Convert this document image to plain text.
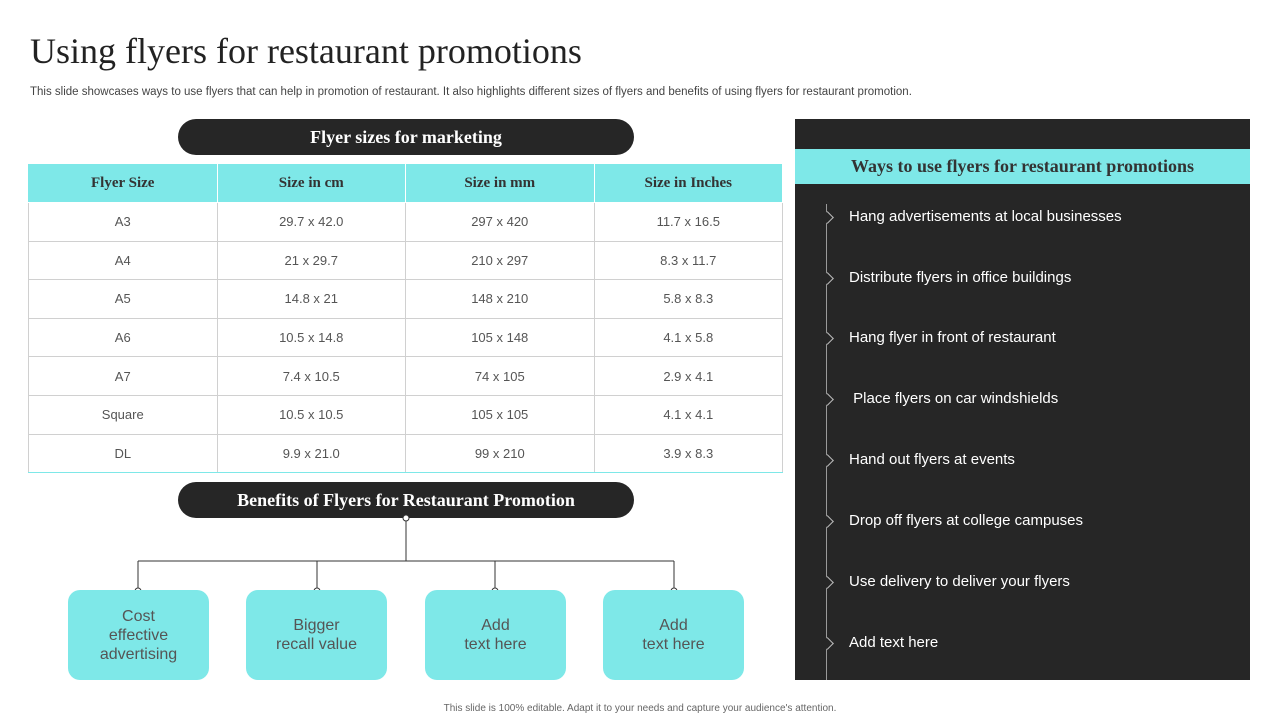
Using flyers for restaurant promotions
This slide showcases ways to use flyers that can help in promotion of restaurant. It also highlights different sizes of flyers and benefits of using flyers for restaurant promotion.
Flyer sizes for marketing
Flyer Size	Size in cm	Size in mm	Size in Inches
A3	29.7 x 42.0	297 x 420	11.7 x 16.5
A4	21 x 29.7	210 x 297	8.3 x 11.7
A5	14.8 x 21	148 x 210	5.8 x 8.3
A6	10.5 x 14.8	105 x 148	4.1 x 5.8
A7	7.4 x 10.5	74 x 105	2.9 x 4.1
Square	10.5 x 10.5	105 x 105	4.1 x 4.1
DL	9.9 x 21.0	99 x 210	3.9 x 8.3
Benefits of Flyers for Restaurant Promotion
Cost
effective
advertising
Bigger
recall value
Add
text here
Add
text here
Ways to use flyers for restaurant promotions
Hang advertisements at local businesses
Distribute flyers in office buildings
Hang flyer in front of restaurant
Place flyers on car windshields
Hand out flyers at events
Drop off flyers at college campuses
Use delivery to deliver your flyers
Add text here
This slide is 100% editable. Adapt it to your needs and capture your audience's attention.
